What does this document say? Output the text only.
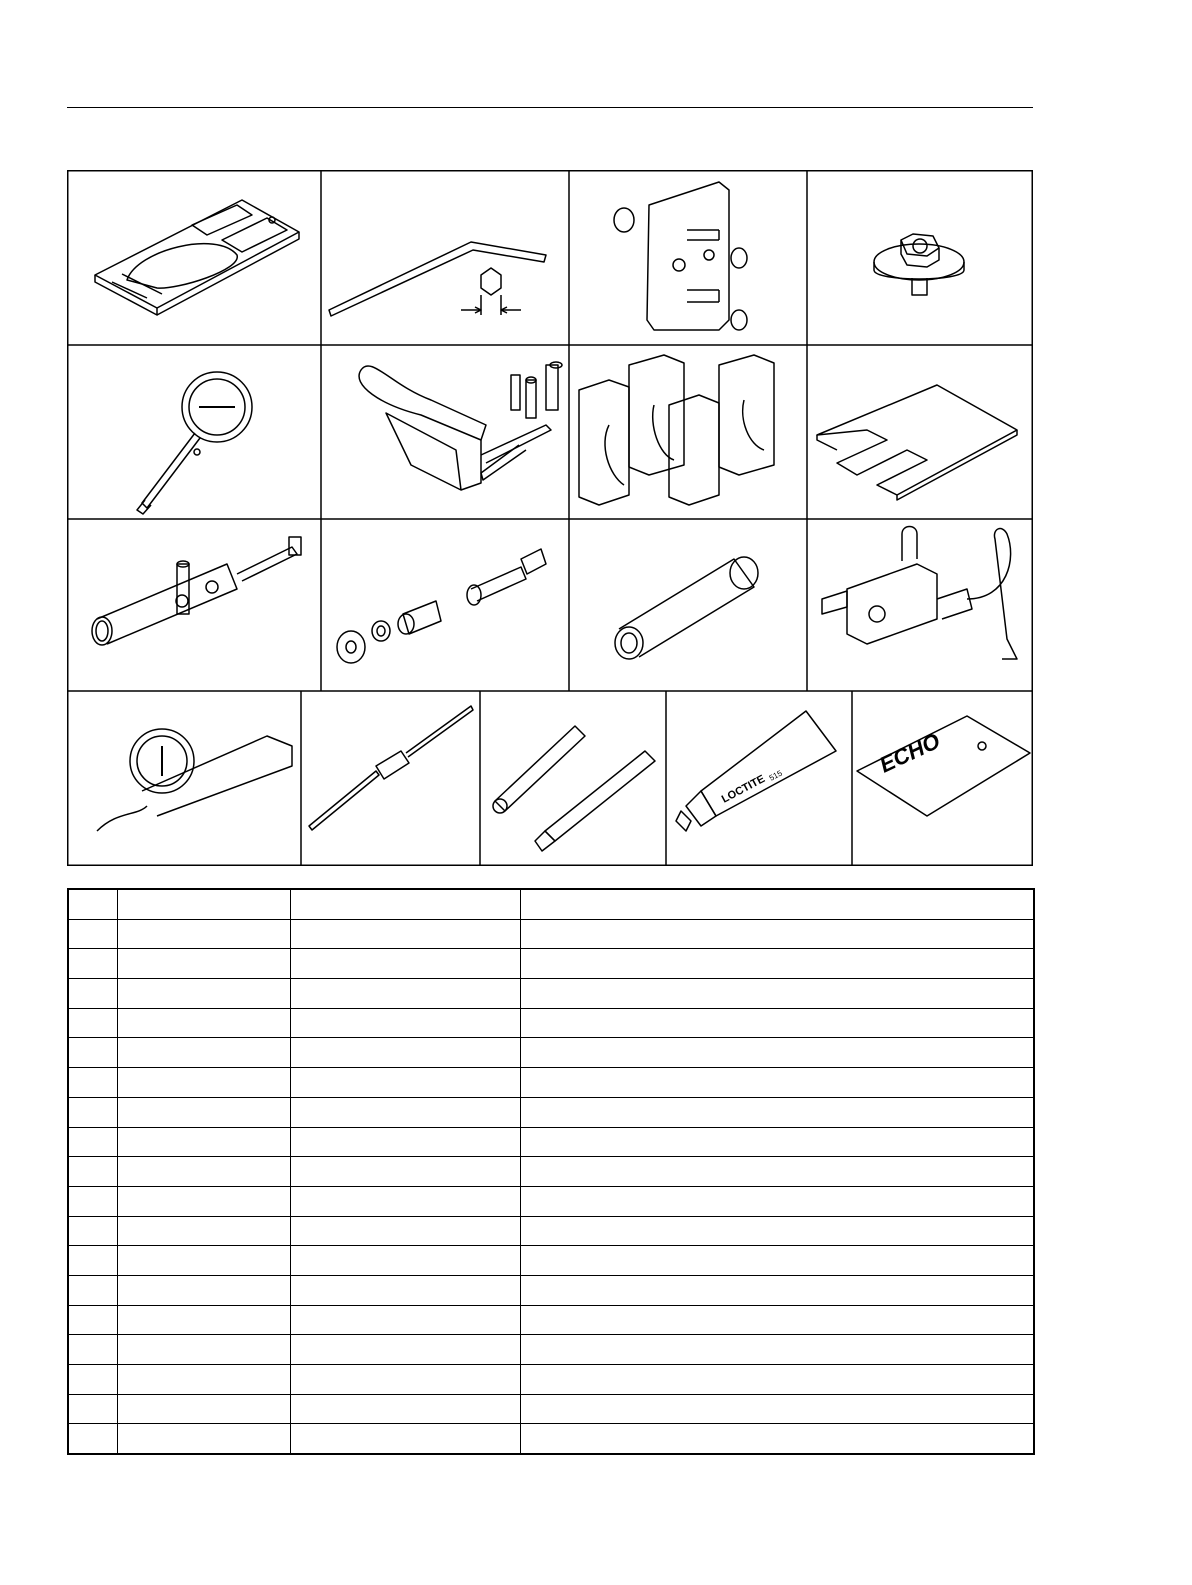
LOCTITE 515	ECHO
